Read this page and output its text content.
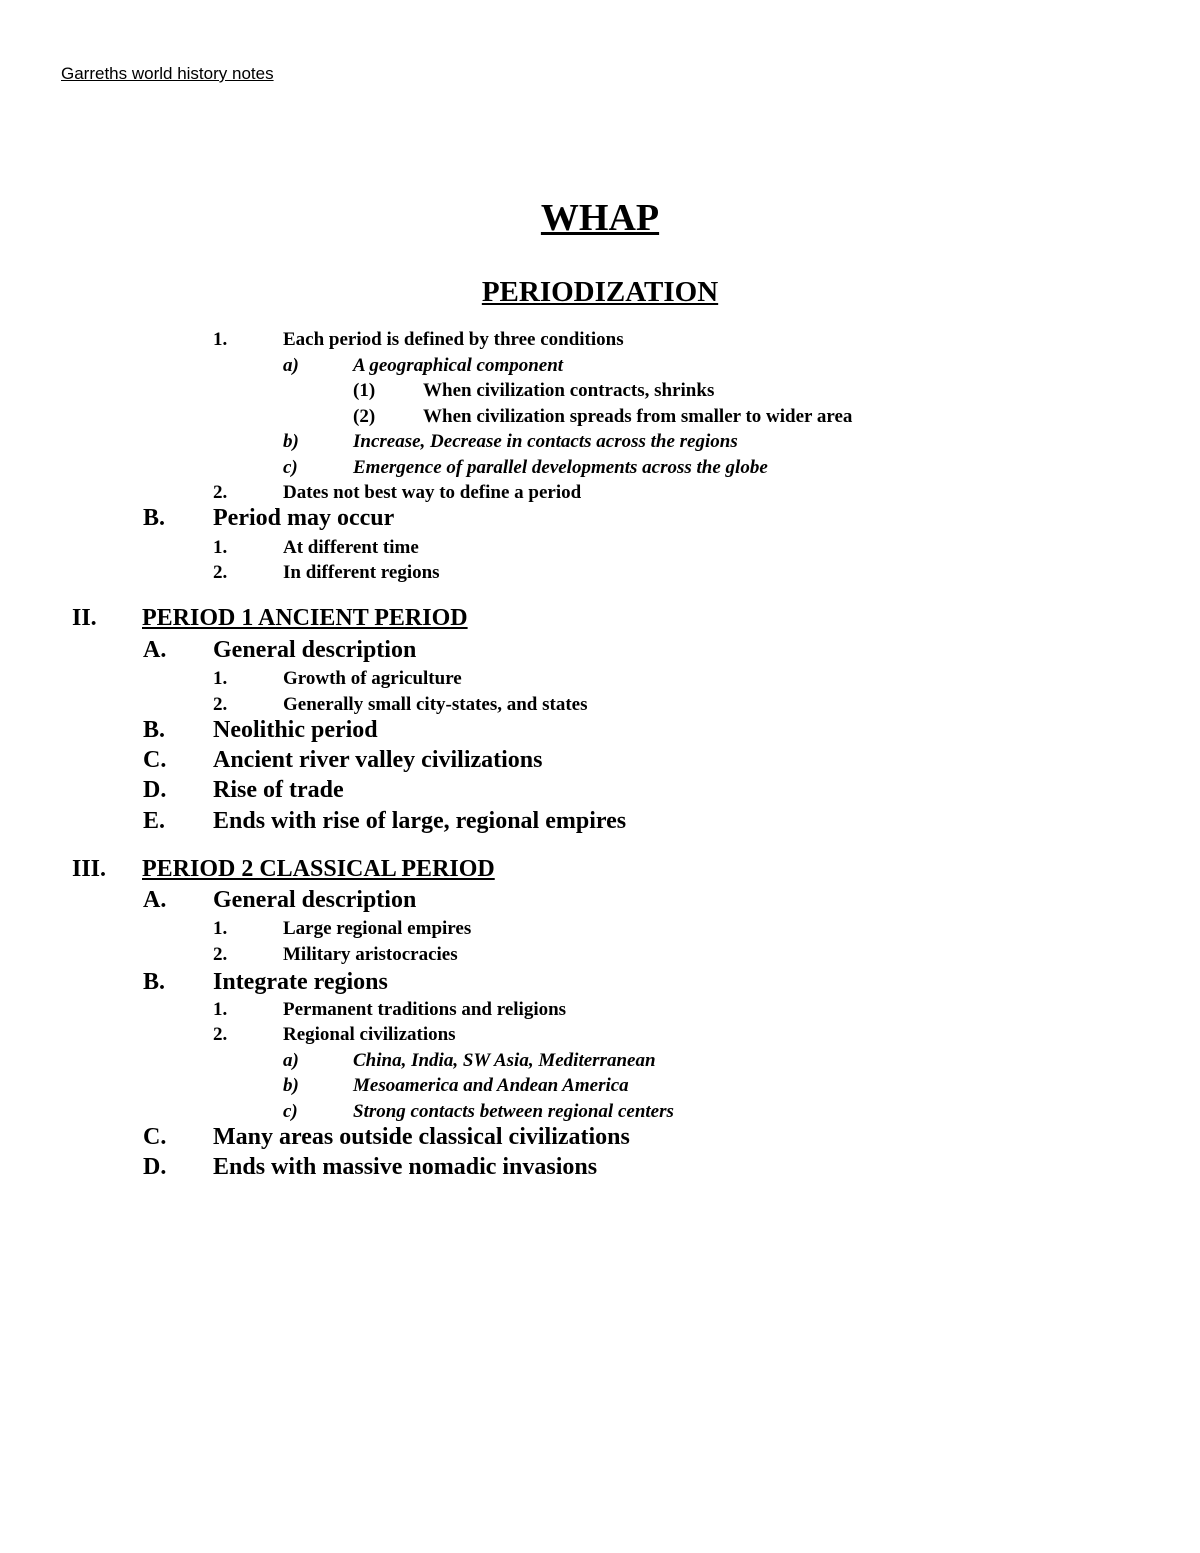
Garreths world history notes
WHAP
PERIODIZATION
1.	Each period is defined by three conditions
a)	A geographical component
(1)	When civilization contracts, shrinks
(2)	When civilization spreads from smaller to wider area
b)	Increase, Decrease in contacts across the regions
c)	Emergence of parallel developments across the globe
2.	Dates not best way to define a period
B. Period may occur
1.	At different time
2.	In different regions
II. PERIOD 1 ANCIENT PERIOD
A. General description
1.	Growth of agriculture
2.	Generally small city-states, and states
B. Neolithic period
C. Ancient river valley civilizations
D. Rise of trade
E. Ends with rise of large, regional empires
III. PERIOD 2 CLASSICAL PERIOD
A. General description
1.	Large regional empires
2.	Military aristocracies
B. Integrate regions
1.	Permanent traditions and religions
2.	Regional civilizations
a)	China, India, SW Asia, Mediterranean
b)	Mesoamerica and Andean America
c)	Strong contacts between regional centers
C. Many areas outside classical civilizations
D. Ends with massive nomadic invasions
